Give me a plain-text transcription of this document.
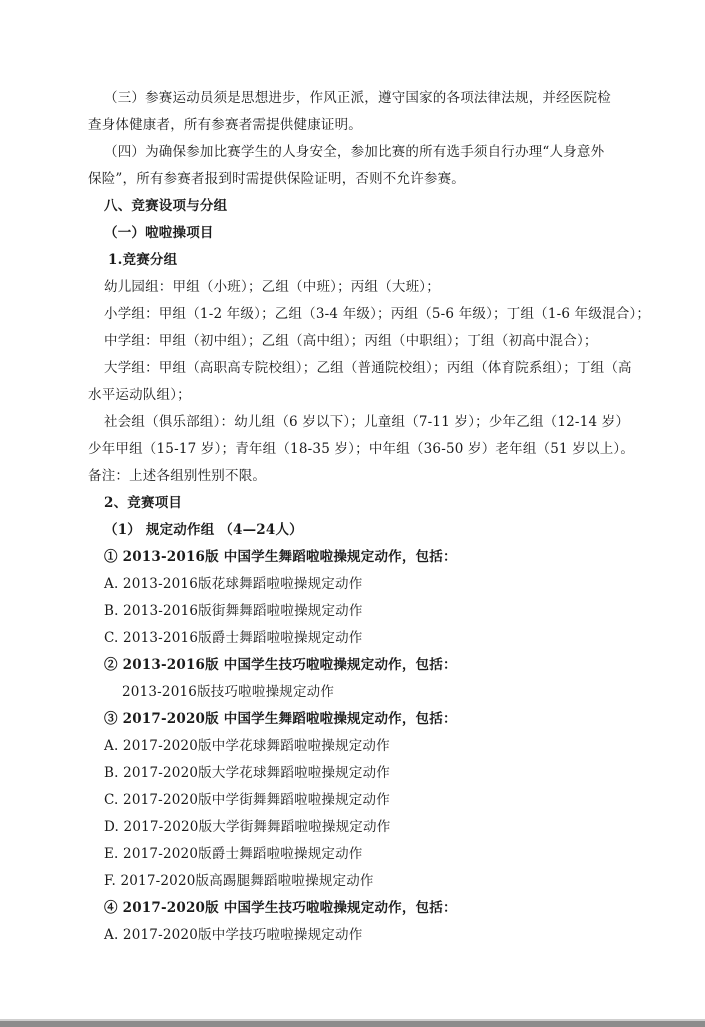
（三）参赛运动员须是思想进步，作风正派，遵守国家的各项法律法规，并经医院检
查身体健康者，所有参赛者需提供健康证明。
（四）为确保参加比赛学生的人身安全，参加比赛的所有选手须自行办理“人身意外
保险”，所有参赛者报到时需提供保险证明，否则不允许参赛。
八、竞赛设项与分组
（一）啦啦操项目
1.竞赛分组
幼儿园组：甲组（小班）；乙组（中班）；丙组（大班）；
小学组：甲组（1-2 年级）；乙组（3-4 年级）；丙组（5-6 年级）；丁组（1-6 年级混合）；
中学组：甲组（初中组）；乙组（高中组）；丙组（中职组）；丁组（初高中混合）；
大学组：甲组（高职高专院校组）；乙组（普通院校组）；丙组（体育院系组）；丁组（高
水平运动队组）；
社会组（俱乐部组）：幼儿组（6 岁以下）；儿童组（7-11 岁）；少年乙组（12-14 岁）
少年甲组（15-17 岁）；青年组（18-35 岁）；中年组（36-50 岁）老年组（51 岁以上）。
备注：上述各组别性别不限。
2、竞赛项目
（1） 规定动作组 （4—24人）
① 2013-2016版 中国学生舞蹈啦啦操规定动作，包括：
A. 2013-2016版花球舞蹈啦啦操规定动作
B. 2013-2016版街舞舞蹈啦啦操规定动作
C. 2013-2016版爵士舞蹈啦啦操规定动作
② 2013-2016版 中国学生技巧啦啦操规定动作，包括：
2013-2016版技巧啦啦操规定动作
③ 2017-2020版 中国学生舞蹈啦啦操规定动作，包括：
A. 2017-2020版中学花球舞蹈啦啦操规定动作
B. 2017-2020版大学花球舞蹈啦啦操规定动作
C. 2017-2020版中学街舞舞蹈啦啦操规定动作
D. 2017-2020版大学街舞舞蹈啦啦操规定动作
E. 2017-2020版爵士舞蹈啦啦操规定动作
F. 2017-2020版高踢腿舞蹈啦啦操规定动作
④ 2017-2020版 中国学生技巧啦啦操规定动作，包括：
A. 2017-2020版中学技巧啦啦操规定动作
